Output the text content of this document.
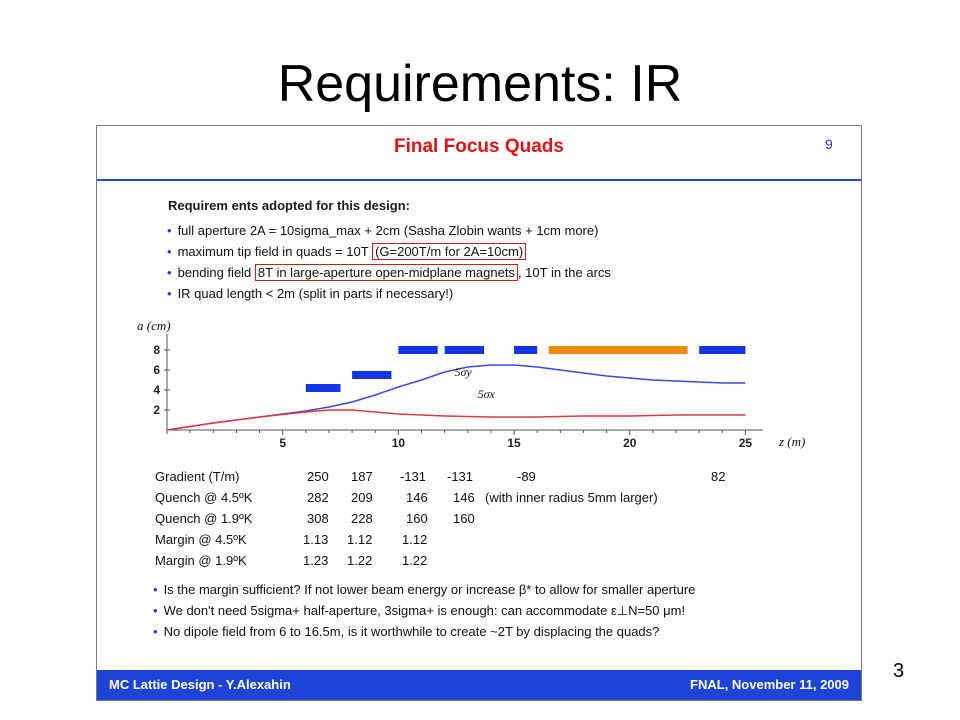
Requirements: IR
Final Focus Quads	9
Requirem ents adopted for this design:
• full aperture 2A = 10sigma_max + 2cm (Sasha Zlobin wants + 1cm more)
• maximum tip field in quads = 10T (G=200T/m for 2A=10cm)
• bending field 8T in large-aperture open-midplane magnets , 10T in the arcs
• IR quad length < 2m (split in parts if necessary!)
2
4
6
8
5	10	15	20	25
a (cm)
z (m)
5σy
5σx
Gradient (T/m)	250 187 -131 -131	-89	82
Quench @ 4.5ºK	282 209	146 146 (with inner radius 5mm larger)
Quench @ 1.9ºK	308 228	160 160
Margin @ 4.5ºK	1.13 1.12 1.12
Margin @ 1.9ºK	1.23 1.22 1.22
• Is the margin sufficient? If not lower beam energy or increase β* to allow for smaller aperture
• We don't need 5sigma+ half-aperture, 3sigma+ is enough: can accommodate ε⊥N=50 μm!
• No dipole field from 6 to 16.5m, is it worthwhile to create ~2T by displacing the quads?
MC Lattie Design - Y.Alexahin	FNAL, November 11, 2009
3
